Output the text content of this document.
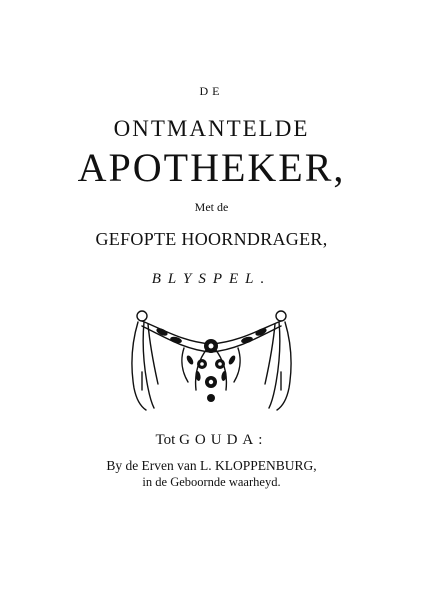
DE
ONTMANTELDE
APOTHEKER,
Met de
GEFOPTE HOORNDRAGER,
BLYSPEL.
Tot GOUDA:
By de Erven van L. KLOPPENBURG,
in de Geboornde waarheyd.
